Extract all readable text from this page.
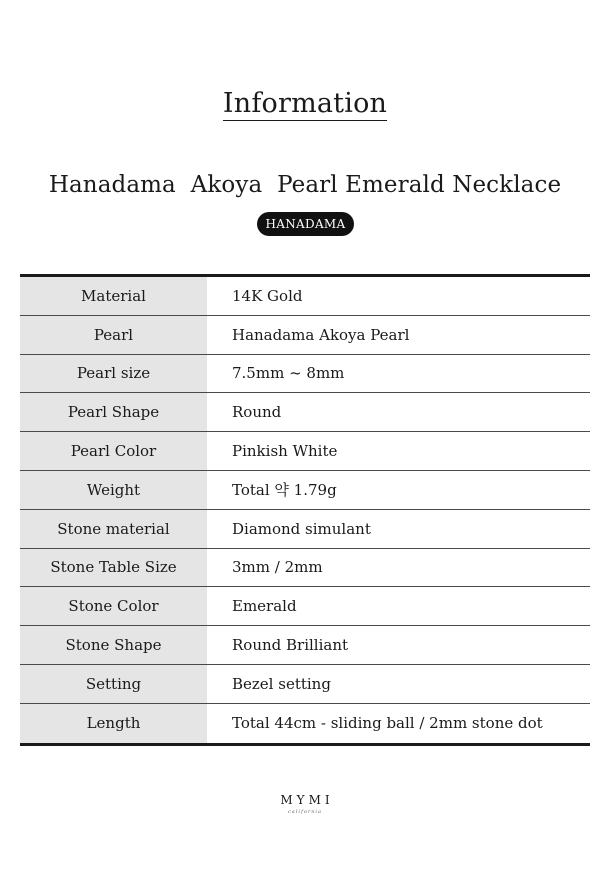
Information
Hanadama  Akoya  Pearl Emerald Necklace
HANADAMA
Material	14K Gold
Pearl	Hanadama Akoya Pearl
Pearl size	7.5mm ~ 8mm
Pearl Shape	Round
Pearl Color	Pinkish White
Weight	Total 약 1.79g
Stone material	Diamond simulant
Stone Table Size	3mm / 2mm
Stone Color	Emerald
Stone Shape	Round Brilliant
Setting	Bezel setting
Length	Total 44cm - sliding ball / 2mm stone dot
MYMI
california
